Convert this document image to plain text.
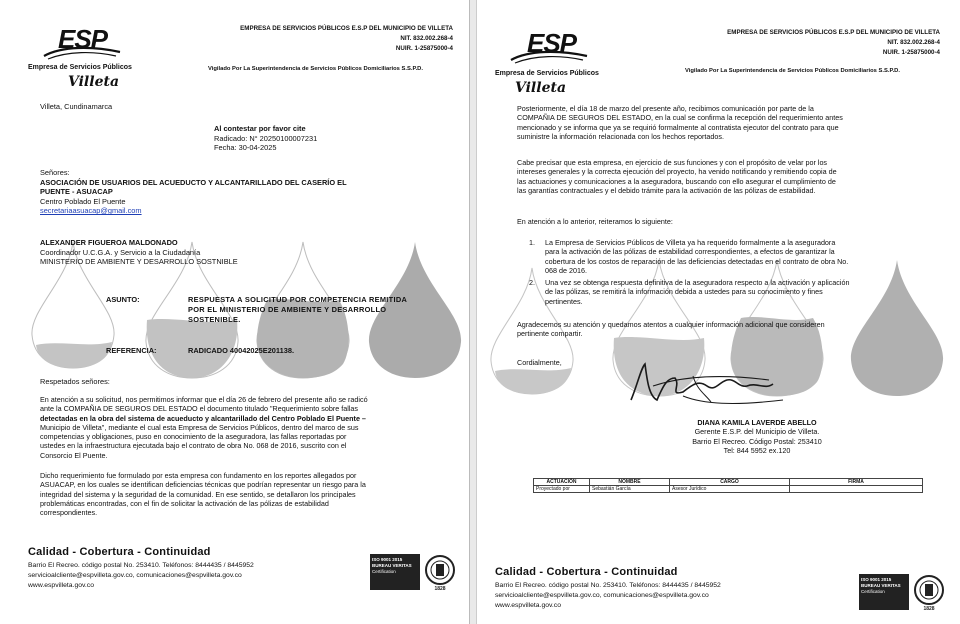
ESP
Empresa de Servicios Públicos
Villeta
EMPRESA DE SERVICIOS PÚBLICOS E.S.P DEL MUNICIPIO DE VILLETA
NIT. 832.002.268-4
NUIR. 1-25875000-4
Vigilado Por La Superintendencia de Servicios Públicos Domiciliarios S.S.P.D.
Villeta, Cundinamarca
Al contestar por favor cite
Radicado: N° 20250100007231
Fecha: 30-04-2025
Señores:
ASOCIACIÓN DE USUARIOS DEL ACUEDUCTO Y ALCANTARILLADO DEL CASERÍO EL
PUENTE - ASUACAP
Centro Poblado El Puente
secretariaasuacap@gmail.com
ALEXANDER FIGUEROA MALDONADO
Coordinador U.C.G.A. y Servicio a la Ciudadanía
MINISTERIO DE AMBIENTE Y DESARROLLO SOSTNIBLE
ASUNTO:	RESPUESTA A SOLICITUD POR COMPETENCIA REMITIDA
POR EL MINISTERIO DE AMBIENTE Y DESARROLLO
SOSTENIBLE.
REFERENCIA:	RADICADO 40042025E201138.
Respetados señores:
En atención a su solicitud, nos permitimos informar que el día 26 de febrero del presente año se radicó
ante la COMPAÑIA DE SEGUROS DEL ESTADO el documento titulado "Requerimiento sobre fallas
detectadas en la obra del sistema de acueducto y alcantarillado del Centro Poblado El Puente –
Municipio de Villeta", mediante el cual esta Empresa de Servicios Públicos, dentro del marco de sus
competencias y obligaciones, puso en conocimiento de la aseguradora, las fallas reportadas por
ustedes en la infraestructura ejecutada bajo el contrato de obra No. 068 de 2016, suscrito con el
Consorcio El Puente.
Dicho requerimiento fue formulado por esta empresa con fundamento en los reportes allegados por
ASUACAP, en los cuales se identifican deficiencias técnicas que podrían representar un riesgo para la
integridad del sistema y la seguridad de la comunidad. En ese sentido, se detallaron los principales
problemáticas encontradas, con el fin de solicitar la activación de las pólizas de estabilidad
correspondientes.
Calidad - Cobertura - Continuidad
Barrio El Recreo. código postal No. 253410. Teléfonos: 8444435 / 8445952
servicioalcliente@espvilleta.gov.co, comunicaciones@espvilleta.gov.co
www.espvilleta.gov.co
ISO 9001 2015
BUREAU VERITAS
Certification
1828
ESP
Empresa de Servicios Públicos
Villeta
EMPRESA DE SERVICIOS PÚBLICOS E.S.P DEL MUNICIPIO DE VILLETA
NIT. 832.002.268-4
NUIR. 1-25875000-4
Vigilado Por La Superintendencia de Servicios Públicos Domiciliarios S.S.P.D.
Posteriormente, el día 18 de marzo del presente año, recibimos comunicación por parte de la
COMPAÑIA DE SEGUROS DEL ESTADO, en la cual se confirma la recepción del requerimiento antes
mencionado y se informa que ya se requirió formalmente al contratista ejecutor del contrato para que
suministre la información relacionada con los hechos reportados.
Cabe precisar que esta empresa, en ejercicio de sus funciones y con el propósito de velar por los
intereses generales y la correcta ejecución del proyecto, ha venido notificando y remitiendo copia de
las actuaciones y comunicaciones a la aseguradora, buscando con ello asegurar el cumplimiento de
las garantías contractuales y el debido trámite para la activación de las pólizas de estabilidad.
En atención a lo anterior, reiteramos lo siguiente:
1. La Empresa de Servicios Públicos de Villeta ya ha requerido formalmente a la aseguradora
para la activación de las pólizas de estabilidad correspondientes, a efectos de garantizar la
cobertura de los costos de reparación de las deficiencias detectadas en el contrato de obra No.
068 de 2016.
2. Una vez se obtenga respuesta definitiva de la aseguradora respecto a la activación y aplicación
de las pólizas, se remitirá la información debida a ustedes para su conocimiento y fines
pertinentes.
Agradecemos su atención y quedamos atentos a cualquier información adicional que consideren
pertinente compartir.
Cordialmente,
DIANA KAMILA LAVERDE ABELLO
Gerente E.S.P. del Municipio de Villeta.
Barrio El Recreo. Código Postal: 253410
Tel: 844 5952 ex.120
ACTUACIÓN	NOMBRE	CARGO	FIRMA
Proyectado por	Sebastián García	Asesor Jurídico	
Calidad - Cobertura - Continuidad
Barrio El Recreo. código postal No. 253410. Teléfonos: 8444435 / 8445952
servicioalcliente@espvilleta.gov.co, comunicaciones@espvilleta.gov.co
www.espvilleta.gov.co
ISO 9001 2015
BUREAU VERITAS
Certification
1828
